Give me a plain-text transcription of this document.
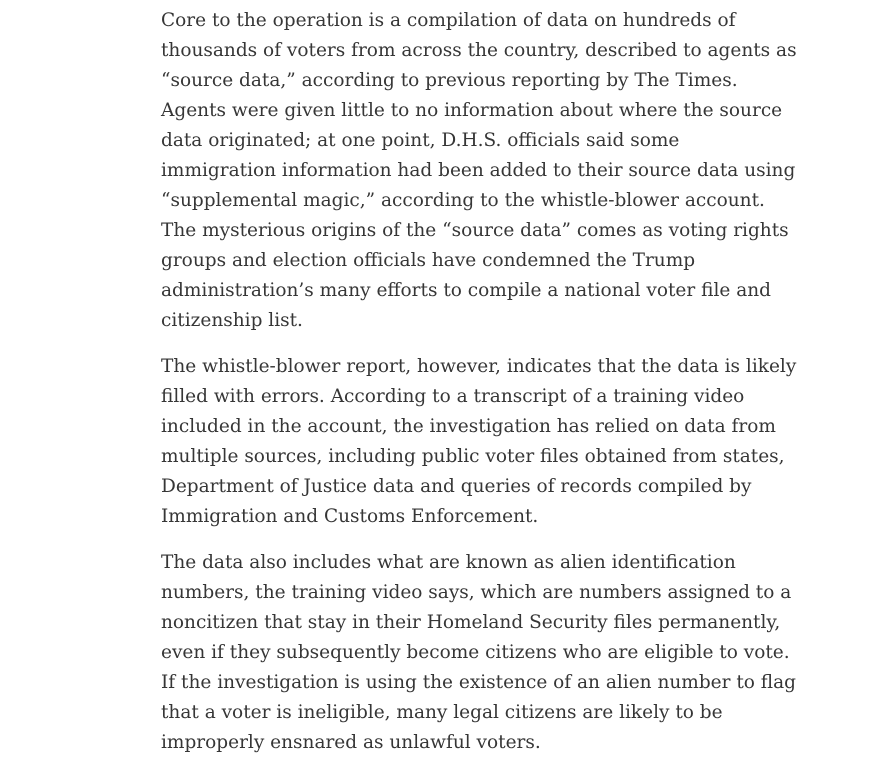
Core to the operation is a compilation of data on hundreds of
thousands of voters from across the country, described to agents as
“source data,” according to previous reporting by The Times.
Agents were given little to no information about where the source
data originated; at one point, D.H.S. officials said some
immigration information had been added to their source data using
“supplemental magic,” according to the whistle-blower account.
The mysterious origins of the “source data” comes as voting rights
groups and election officials have condemned the Trump
administration’s many efforts to compile a national voter file and
citizenship list.

The whistle-blower report, however, indicates that the data is likely
filled with errors. According to a transcript of a training video
included in the account, the investigation has relied on data from
multiple sources, including public voter files obtained from states,
Department of Justice data and queries of records compiled by
Immigration and Customs Enforcement.

The data also includes what are known as alien identification
numbers, the training video says, which are numbers assigned to a
noncitizen that stay in their Homeland Security files permanently,
even if they subsequently become citizens who are eligible to vote.
If the investigation is using the existence of an alien number to flag
that a voter is ineligible, many legal citizens are likely to be
improperly ensnared as unlawful voters.
